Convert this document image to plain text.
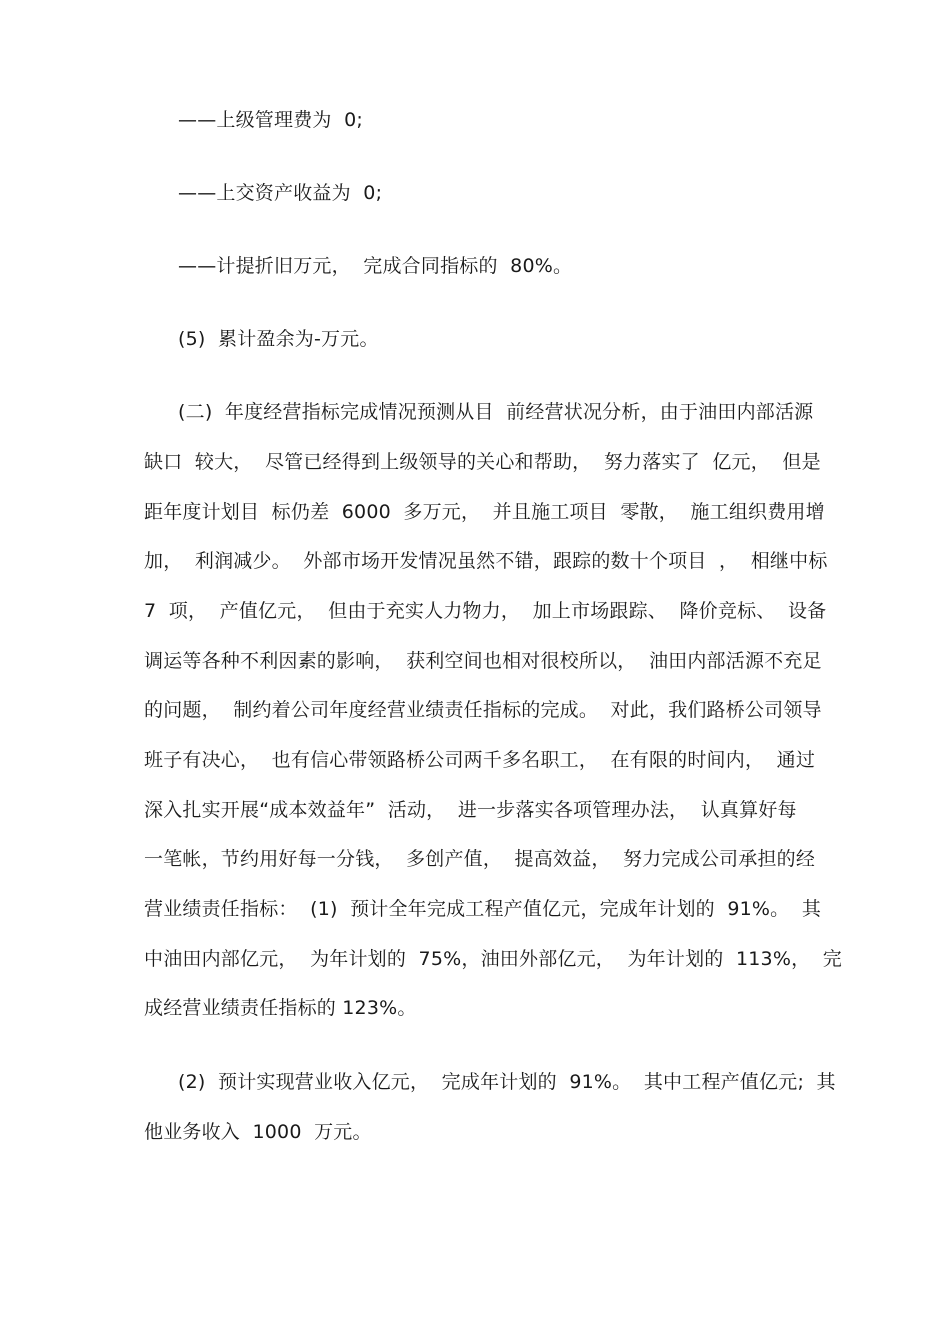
——上级管理费为  0;
——上交资产收益为  0;
——计提折旧万元，  完成合同指标的  80%。
(5)  累计盈余为-万元。
(二)  年度经营指标完成情况预测从目  前经营状况分析，由于油田内部活源
缺口  较大，  尽管已经得到上级领导的关心和帮助，  努力落实了  亿元，  但是
距年度计划目  标仍差  6000  多万元，  并且施工项目  零散，  施工组织费用增
加，  利润减少。  外部市场开发情况虽然不错，跟踪的数十个项目  ，  相继中标
7  项，  产值亿元，  但由于充实人力物力，  加上市场跟踪、  降价竞标、  设备
调运等各种不利因素的影响，  获利空间也相对很校所以，  油田内部活源不充足
的问题，  制约着公司年度经营业绩责任指标的完成。  对此，我们路桥公司领导
班子有决心，  也有信心带领路桥公司两千多名职工，  在有限的时间内，  通过
深入扎实开展“成本效益年”  活动，  进一步落实各项管理办法，  认真算好每
一笔帐，节约用好每一分钱，  多创产值，  提高效益，  努力完成公司承担的经
营业绩责任指标：  (1)  预计全年完成工程产值亿元，完成年计划的  91%。  其
中油田内部亿元，  为年计划的  75%，油田外部亿元，  为年计划的  113%，  完
成经营业绩责任指标的 123%。
(2)  预计实现营业收入亿元，  完成年计划的  91%。  其中工程产值亿元;  其
他业务收入  1000  万元。
